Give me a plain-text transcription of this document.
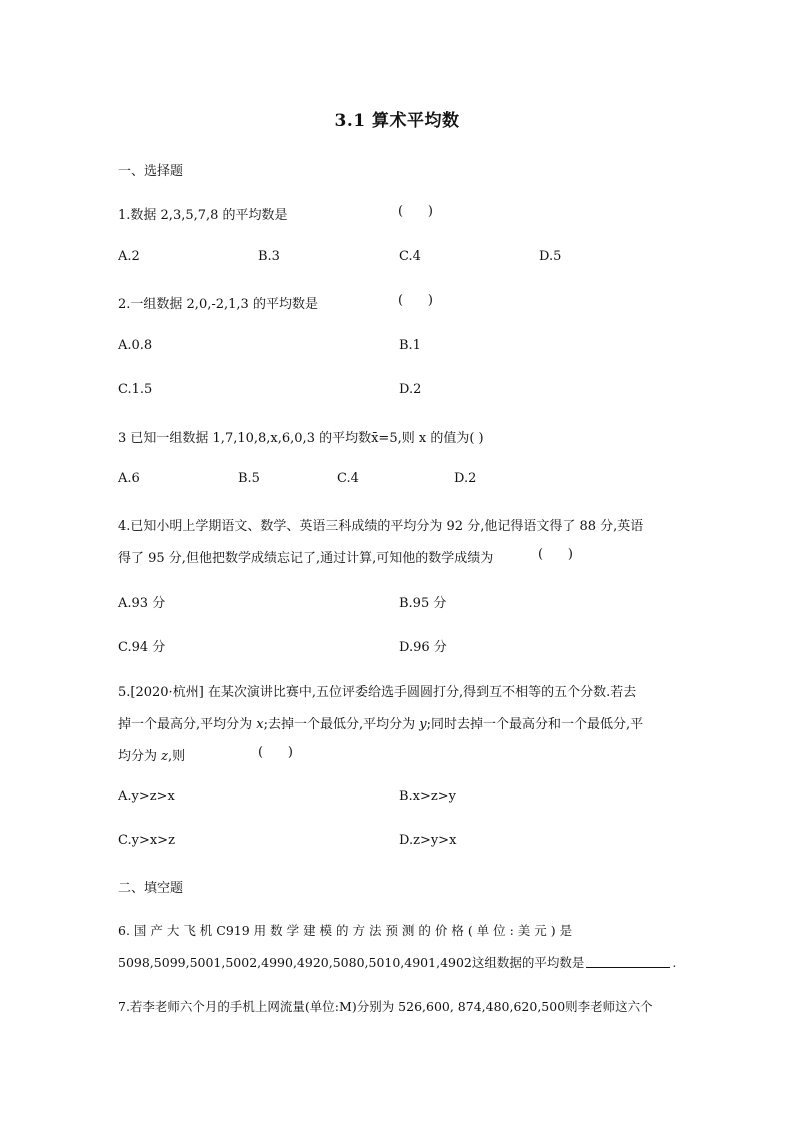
3.1 算术平均数
一、选择题
1.数据 2,3,5,7,8 的平均数是	(      )
A.2	B.3	C.4	D.5
2.一组数据 2,0,-2,1,3 的平均数是	(      )
A.0.8	B.1
C.1.5	D.2
3 已知一组数据 1,7,10,8,x,6,0,3 的平均数x̄=5,则 x 的值为( )
A.6	B.5	C.4	D.2
4.已知小明上学期语文、数学、英语三科成绩的平均分为 92 分,他记得语文得了 88 分,英语
得了 95 分,但他把数学成绩忘记了,通过计算,可知他的数学成绩为	(      )
A.93 分	B.95 分
C.94 分	D.96 分
5.[2020·杭州] 在某次演讲比赛中,五位评委给选手圆圆打分,得到互不相等的五个分数.若去
掉一个最高分,平均分为 x;去掉一个最低分,平均分为 y;同时去掉一个最高分和一个最低分,平
均分为 z,则	(      )
A.y>z>x	B.x>z>y
C.y>x>z	D.z>y>x
二、填空题
6. 国 产 大 飞 机 C919 用 数 学 建 模 的 方 法 预 测 的 价 格 ( 单 位 : 美 元 ) 是
5098,5099,5001,5002,4990,4920,5080,5010,4901,4902这组数据的平均数是	.
7.若李老师六个月的手机上网流量(单位:M)分别为 526,600, 874,480,620,500则李老师这六个
